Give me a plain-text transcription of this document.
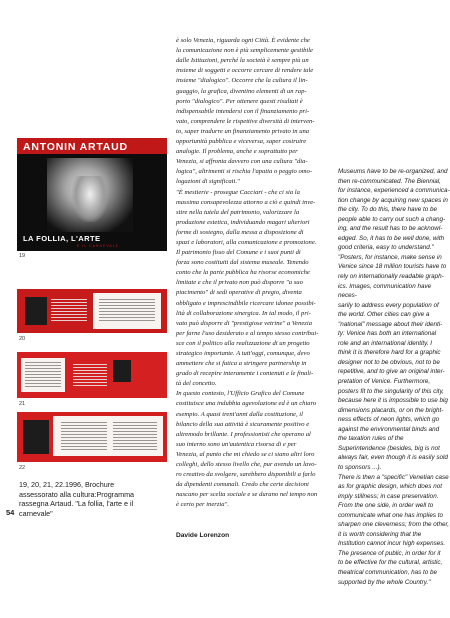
ANTONIN ARTAUD
LA FOLLIA, L'ARTE
E IL CARNEVALE
19
20
21
22
19, 20, 21, 22.1996, Brochure
assessorato alla cultura:Programma
rassegna Artaud. "La follia, l'arte e il
carnevale"
54

è solo Venezia, riguarda ogni Città. È evidente che
la comunicazione non è più semplicemente gestibile
dalle Istituzioni, perché la società è sempre più un
insieme di soggetti e occorre cercare di rendere tale
insieme "dialogico". Occorre che la cultura il lin-
guaggio, la grafica, diventino elementi di un rap-
porto "dialogico". Per ottenere questi risultati è
indispensabile intendersi con il finanziamento pri-
vato, comprendere le rispettive diversità di interven-
to, saper tradurre un finanziamento privato in una
opportunità pubblica e viceversa, saper costruire
analogie. Il problema, anche e soprattutto per
Venezia, si affronta davvero con una cultura "dia-
logica", altrimenti si rischia l'apatia o peggio omo-
logazioni di significati."
"È mestierie - prosegue Cacciari - che ci sia la
massima consapevolezza attorno a ciò e quindi inve-
stire nella tutela del patrimonio, valorizzare la
produzione estetica, individuando magari ulteriori
forme di sostegno, dalla messa a disposizione di
spazi e laboratori, alla comunicazione e promozione.
Il patrimonio fisso del Comune e i suoi punti di
forza sono costituiti dal sistema museale. Tenendo
conto che la parte pubblica ha risorse economiche
limitate e che il privato non può disporre "a suo
piacimento" di sedi operative di pregio, diventa
obbligato e imprescindibile ricercare idonee possibi-
lità di collaborazione sinergica. In tal modo, il pri-
vato può disporre di "prestigiose vetrine" a Venezia
per farne l'uso desiderato e al tempo stesso contribui-
sce con il politico alla realizzazione di un progetto
strategico importante. A tutt'oggi, comunque, devo
ammettere che si fatica a stringere partnership in
grado di recepire interamente i contenuti e le finali-
tà del concetto.
In questo contesto, l'Ufficio Grafico del Comune
costituisce una indubbia agevolazione ed è un chiaro
esempio. A quasi trent'anni dalla costituzione, il
bilancio della sua attività è sicuramente positivo e
altremodo brillante. I professionisti che operano al
suo interno sono un'autentica risorsa di e per
Venezia, al punto che mi chiedo se ci siano altri loro
colleghi, dello stesso livello che, pur avendo un lavo-
ro creativo da svolgere, sarebbero disponibili a farlo
da dipendenti comunali. Credo che certe decisioni
nascano per scelta sociale e se durano nel tempo non
è certo per inerzia".

Davide Lorenzon

Museums have to be re-organized, and
then re-communicated. The Biennial,
for instance, experienced a communica-
tion change by acquiring new spaces in
the city. To do this, there have to be
people able to carry out such a chang-
ing, and the result has to be acknowl-
edged. So, it has to be well done, with
good criteria, easy to understand."
"Posters, for instance, make sense in
Venice since 18 million tourists have to
rely on internationally readable graph-
ics. Images, communication have neces-
sarily to address every population of
the world. Other cities can give a
"national" message about their identi-
ty: Venice has both an international
role and an international identity. I
think it is therefore hard for a graphic
designer not to be obvious, not to be
repetitive, and to give an original inter-
pretation of Venice. Furthermore,
posters fit to the singularity of this city,
because here it is impossible to use big
dimensions placards, or on the bright-
ness effects of neon lights, which go
against the environmental binds and
the taxation rules of the
Superintendence (besides, big is not
always fair, even though it is easily sold
to sponsors ...).
There is then a "specific" Venetian case
as for graphic design, which does not
imply stillness; in case preservation.
From the one side, in order well to
communicate what one has implies to
sharpen one cleverness; from the other,
it is worth considering that the
Institution cannot incur high expenses.
The presence of public, in order for it
to be effective for the cultural, artistic,
theatrical communication, has to be
supported by the whole Country."
